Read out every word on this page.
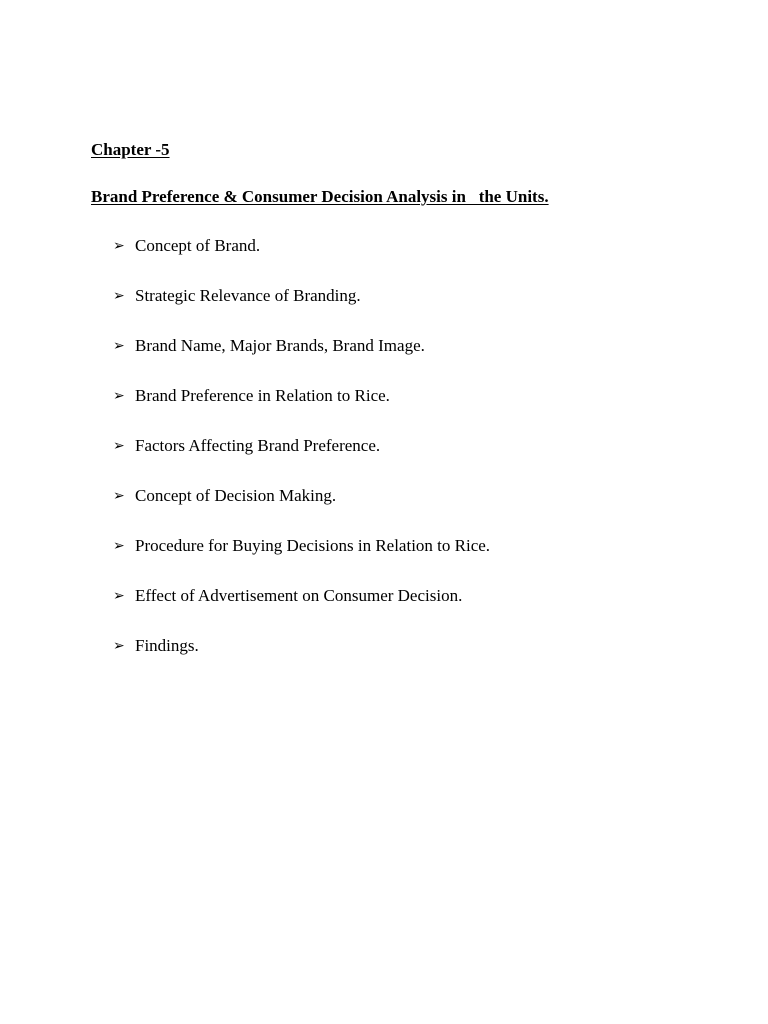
Chapter -5
Brand Preference & Consumer Decision Analysis in   the Units.
➢ Concept of Brand.
➢ Strategic Relevance of Branding.
➢ Brand Name, Major Brands, Brand Image.
➢ Brand Preference in Relation to Rice.
➢ Factors Affecting Brand Preference.
➢ Concept of Decision Making.
➢ Procedure for Buying Decisions in Relation to Rice.
➢ Effect of Advertisement on Consumer Decision.
➢ Findings.
